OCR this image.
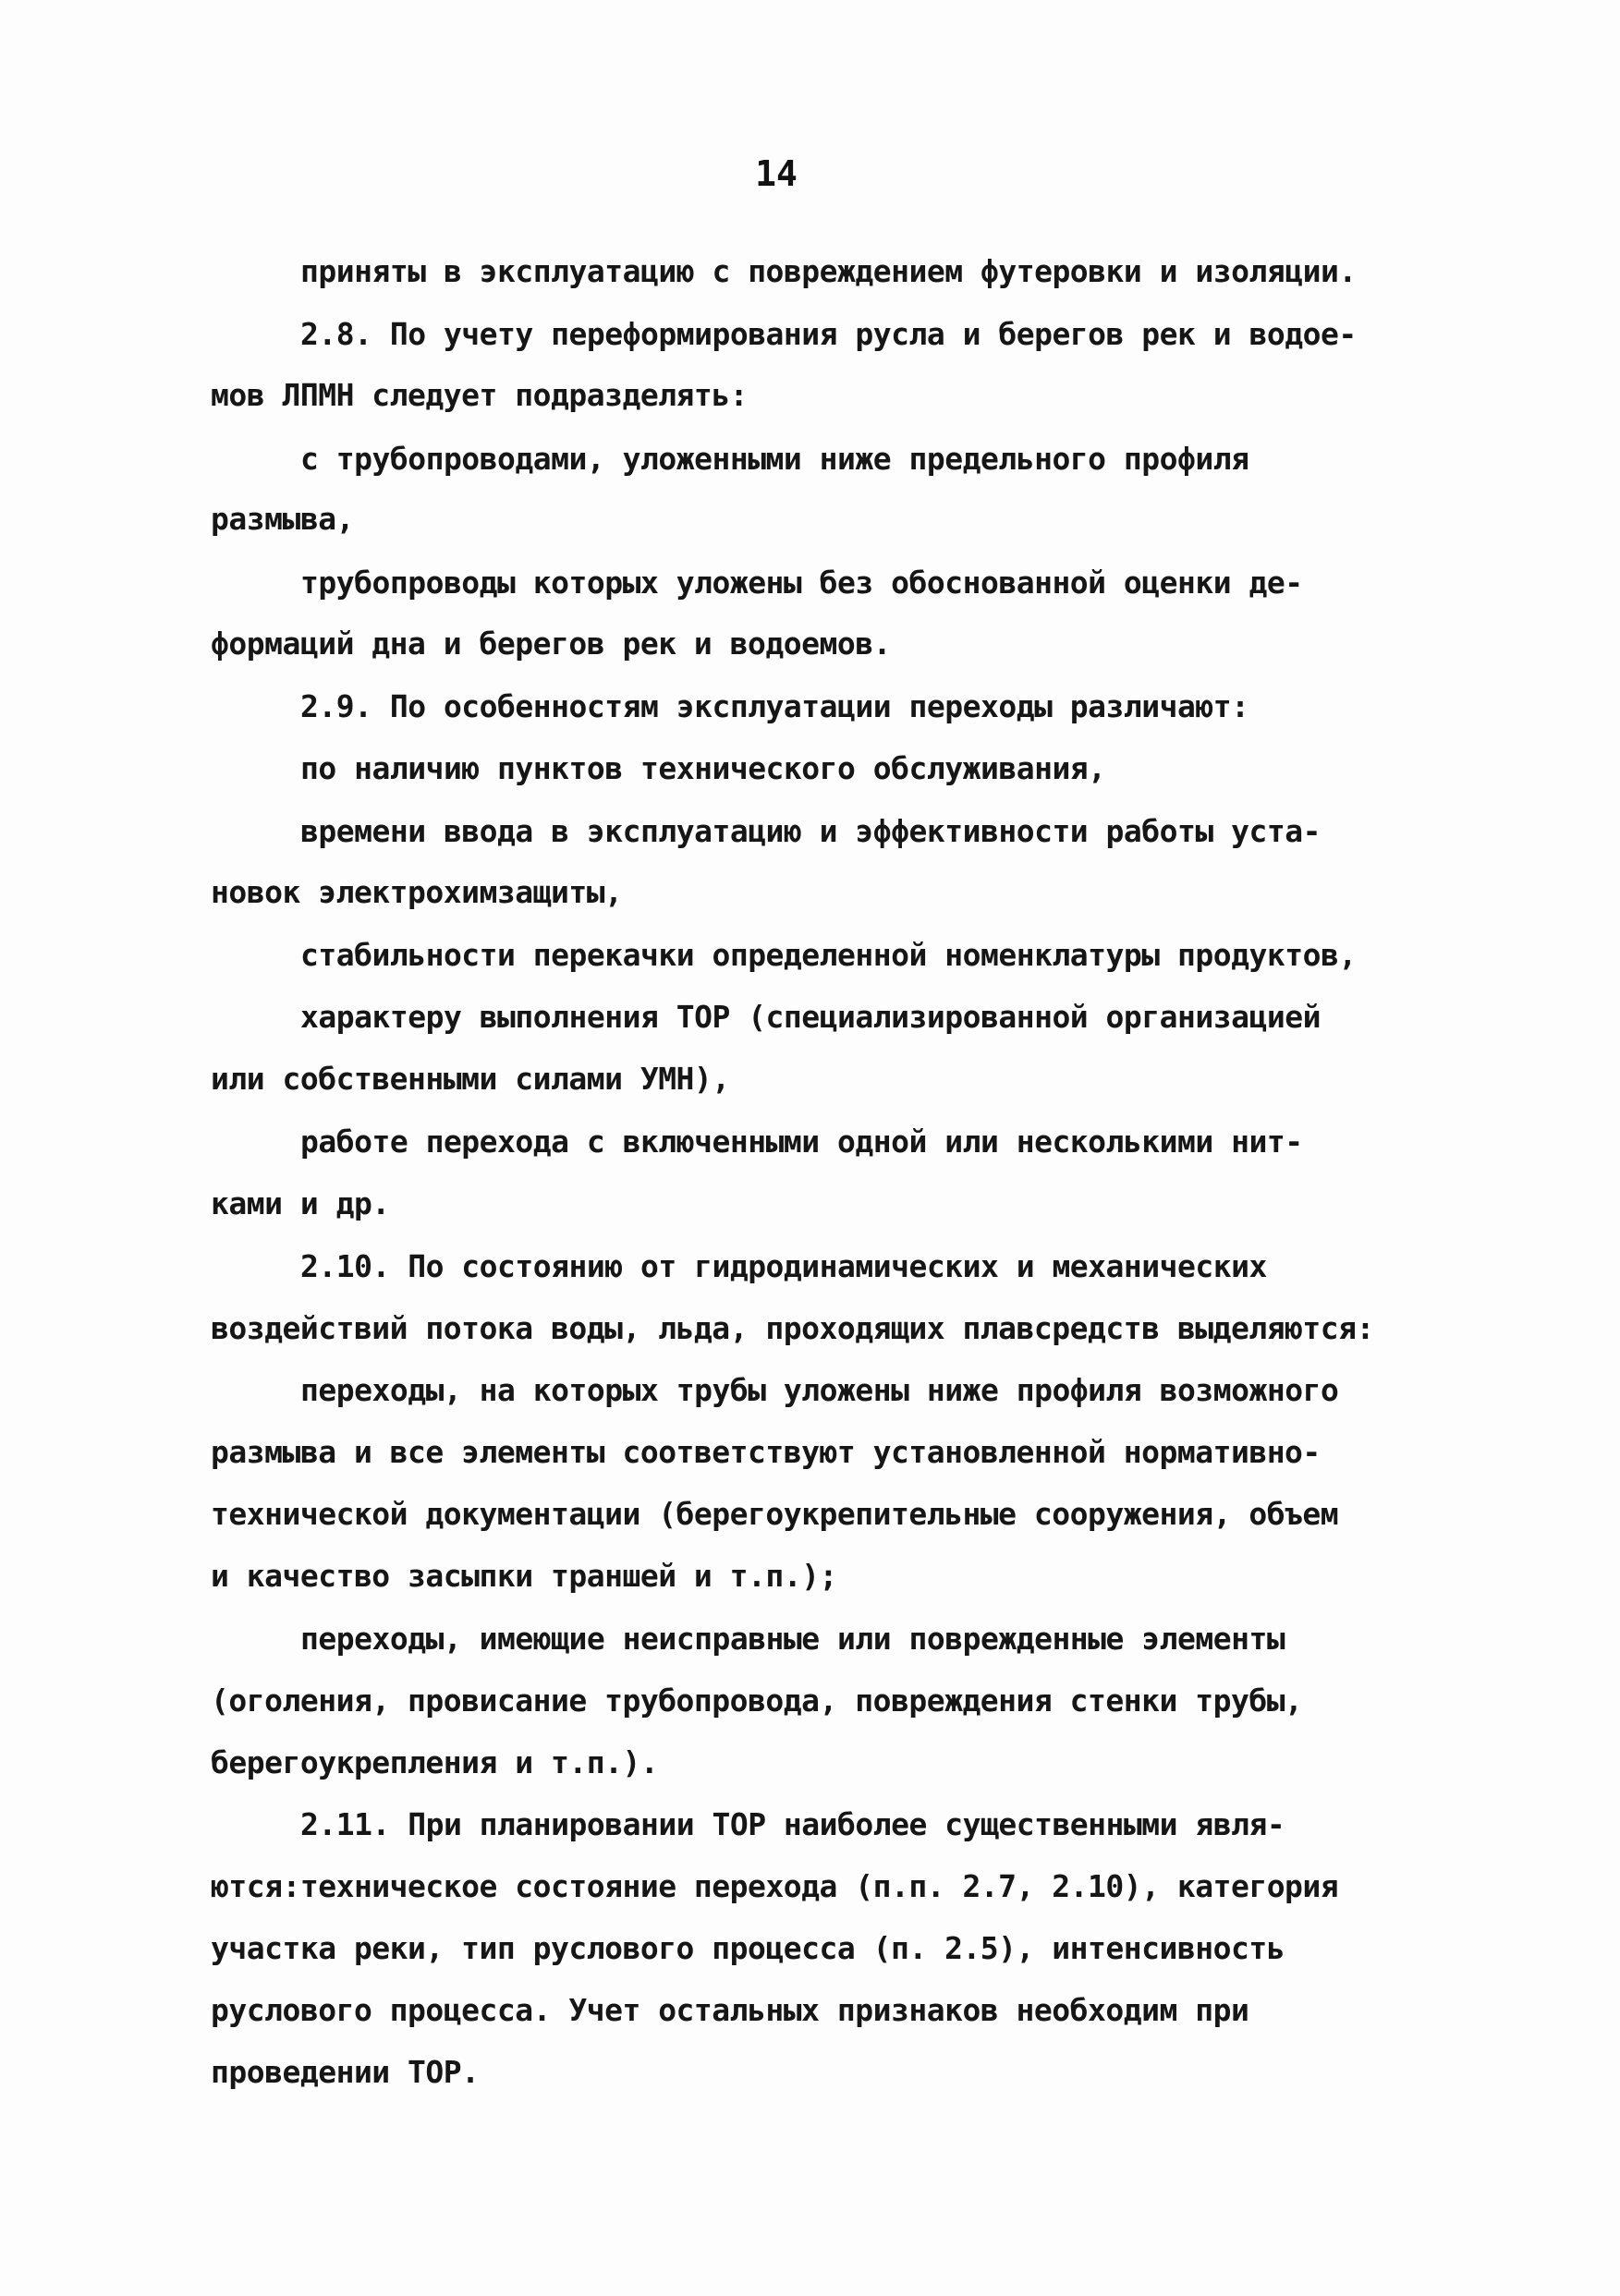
14

приняты в эксплуатацию с повреждением футеровки и изоляции.

2.8. По учету переформирования русла и берегов рек и водое-

мов ЛПМН следует подразделять:

с трубопроводами, уложенными ниже предельного профиля

размыва,

трубопроводы которых уложены без обоснованной оценки де-

формаций дна и берегов рек и водоемов.

2.9. По особенностям эксплуатации переходы различают:

по наличию пунктов технического обслуживания,

времени ввода в эксплуатацию и эффективности работы уста-

новок электрохимзащиты,

стабильности перекачки определенной номенклатуры продуктов,

характеру выполнения ТОР (специализированной организацией

или собственными силами УМН),

работе перехода с включенными одной или несколькими нит-

ками и др.

2.10. По состоянию от гидродинамических и механических

воздействий потока воды, льда, проходящих плавсредств выделяются:

переходы, на которых трубы уложены ниже профиля возможного

размыва и все элементы соответствуют установленной нормативно-

технической документации (берегоукрепительные сооружения, объем

и качество засыпки траншей и т.п.);

переходы, имеющие неисправные или поврежденные элементы

(оголения, провисание трубопровода, повреждения стенки трубы,

берегоукрепления и т.п.).

2.11. При планировании ТОР наиболее существенными явля-

ются:техническое состояние перехода (п.п. 2.7, 2.10), категория

участка реки, тип руслового процесса (п. 2.5), интенсивность

руслового процесса. Учет остальных признаков необходим при

проведении ТОР.
